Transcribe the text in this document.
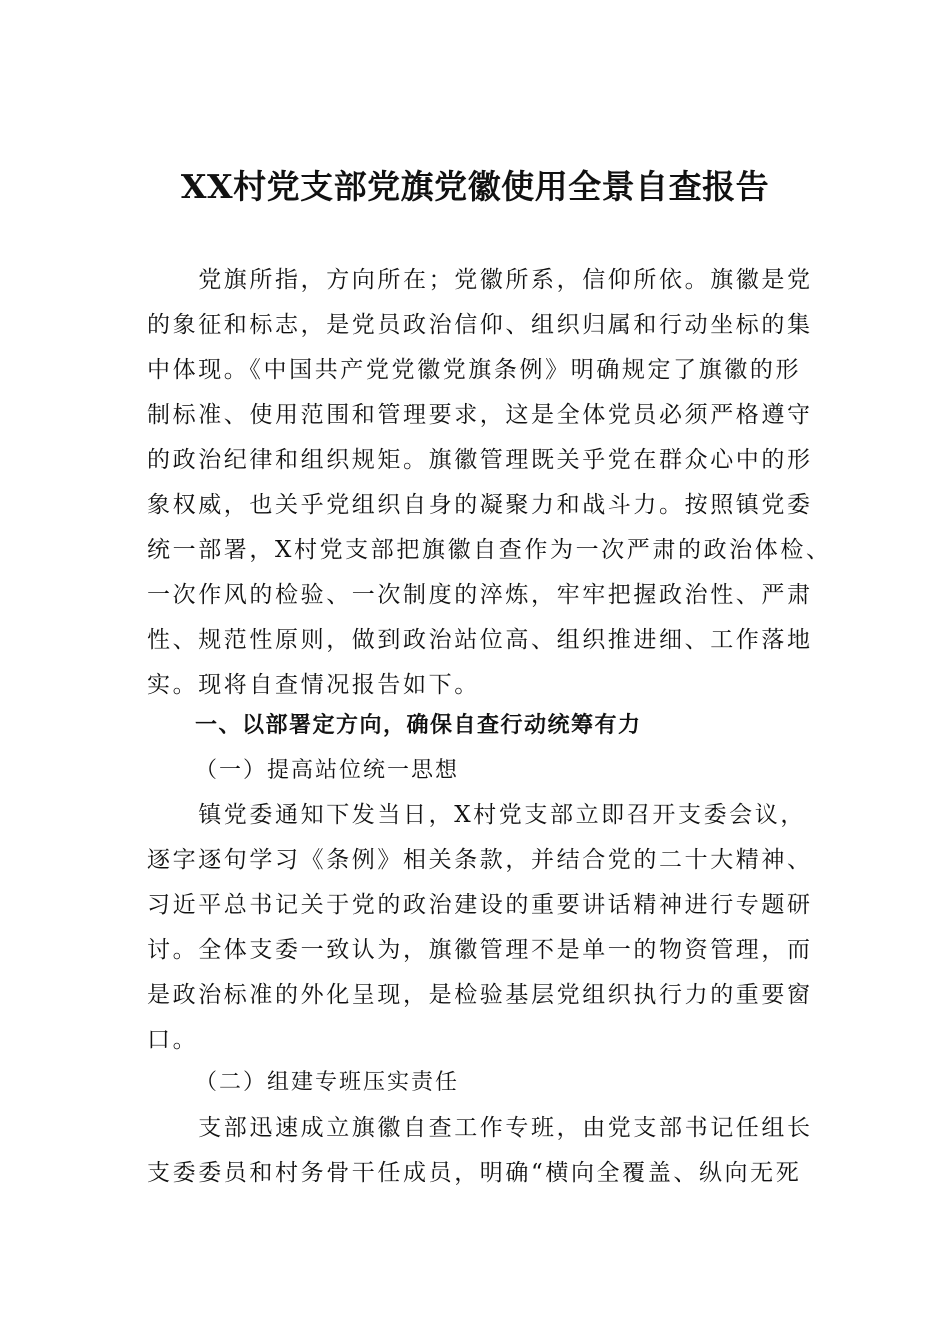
XX村党支部党旗党徽使用全景自查报告
　　党旗所指，方向所在；党徽所系，信仰所依。旗徽是党
的象征和标志，是党员政治信仰、组织归属和行动坐标的集
中体现。《中国共产党党徽党旗条例》明确规定了旗徽的形
制标准、使用范围和管理要求，这是全体党员必须严格遵守
的政治纪律和组织规矩。旗徽管理既关乎党在群众心中的形
象权威，也关乎党组织自身的凝聚力和战斗力。按照镇党委
统一部署，X村党支部把旗徽自查作为一次严肃的政治体检、
一次作风的检验、一次制度的淬炼，牢牢把握政治性、严肃
性、规范性原则，做到政治站位高、组织推进细、工作落地
实。现将自查情况报告如下。
一、以部署定方向，确保自查行动统筹有力
（一）提高站位统一思想
　　镇党委通知下发当日，X村党支部立即召开支委会议，
逐字逐句学习《条例》相关条款，并结合党的二十大精神、
习近平总书记关于党的政治建设的重要讲话精神进行专题研
讨。全体支委一致认为，旗徽管理不是单一的物资管理，而
是政治标准的外化呈现，是检验基层党组织执行力的重要窗
口。
（二）组建专班压实责任
　　支部迅速成立旗徽自查工作专班，由党支部书记任组长
支委委员和村务骨干任成员，明确“横向全覆盖、纵向无死
